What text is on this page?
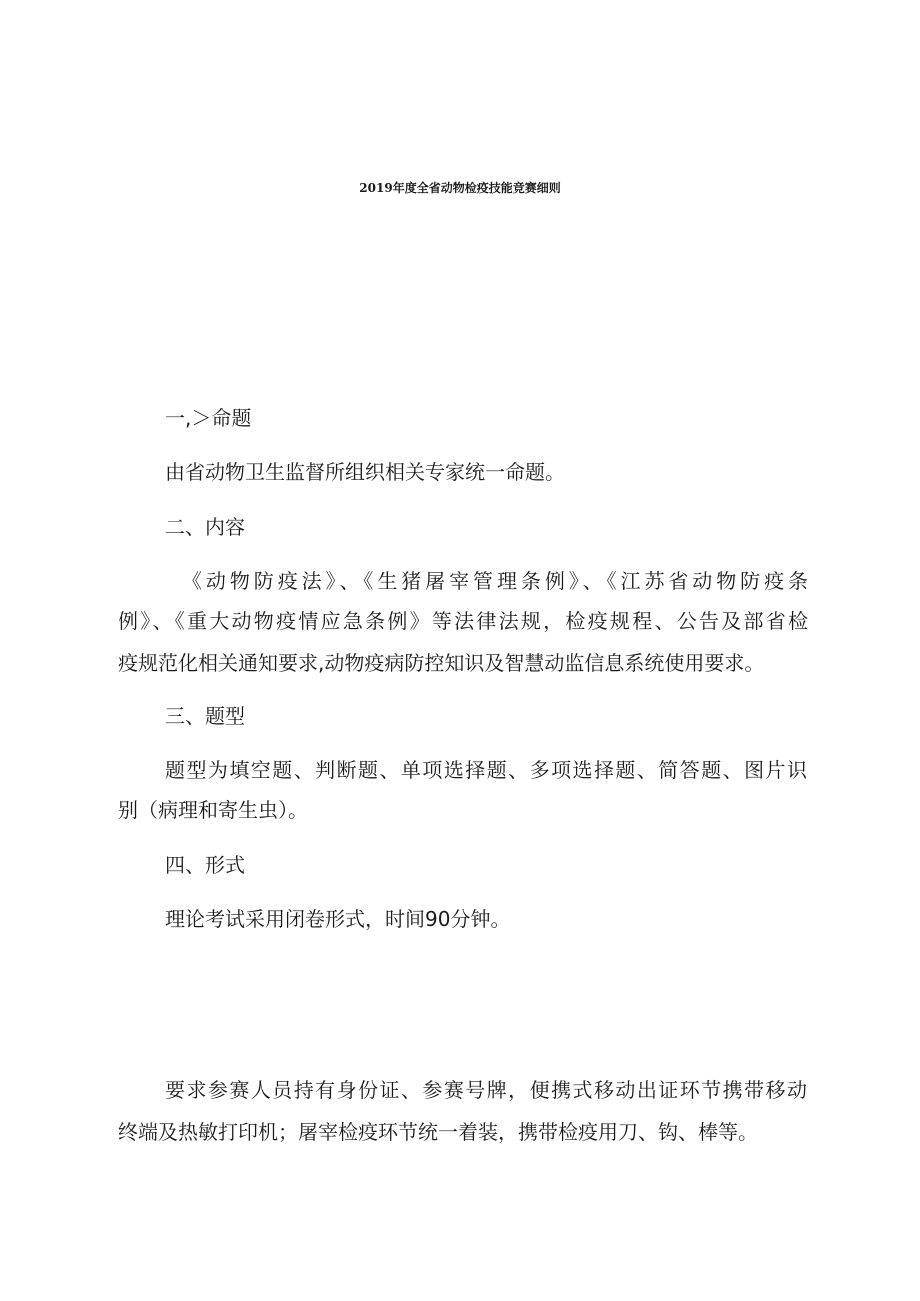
2019年度全省动物检疫技能竞赛细则
一,＞命题
由省动物卫生监督所组织相关专家统一命题。
二、内容
《动物防疫法》、《生猪屠宰管理条例》、《江苏省动物防疫条
例》、《重大动物疫情应急条例》等法律法规，检疫规程、公告及部省检
疫规范化相关通知要求,动物疫病防控知识及智慧动监信息系统使用要求。
三、题型
题型为填空题、判断题、单项选择题、多项选择题、简答题、图片识
别（病理和寄生虫）。
四、形式
理论考试采用闭卷形式，时间90分钟。
要求参赛人员持有身份证、参赛号牌，便携式移动出证环节携带移动
终端及热敏打印机；屠宰检疫环节统一着装，携带检疫用刀、钩、棒等。
